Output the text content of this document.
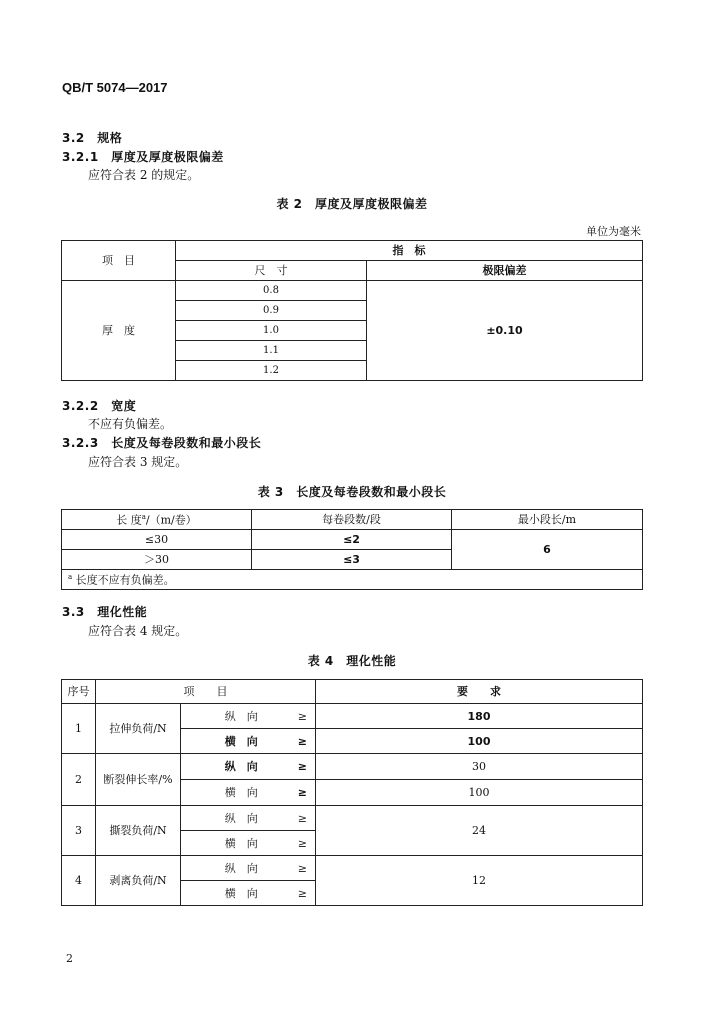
QB/T 5074—2017
3.2　 规格
3.2.1　 厚度及厚度极限偏差
应符合表 2 的规定。
表 2　厚度及厚度极限偏差
单位为毫米
项　目	指　标	
	尺　寸	极限偏差
厚　度	0.8	±0.10
	0.9	
	1.0	
	1.1	
	1.2	
3.2.2　 宽度
不应有负偏差。
3.2.3　 长度及每卷段数和最小段长
应符合表 3 规定。
表 3　长度及每卷段数和最小段长
长 度$^a$/（m/卷）	每卷段数/段	最小段长/m
≤30	≤2	6
＞30	≤3	
$^a$ 长度不应有负偏差。		
3.3　 理化性能
应符合表 4 规定。
表 4　理化性能
序号	项　　目		要　　求
1	拉伸负荷/N	纵　向 ≥	180
		横　向 ≥	100
2	断裂伸长率/%	纵　向 ≥	30
		横　向 ≥	100
3	撕裂负荷/N	纵　向 ≥	24
		横　向 ≥	
4	剥离负荷/N	纵　向 ≥	12
		横　向 ≥	
2
